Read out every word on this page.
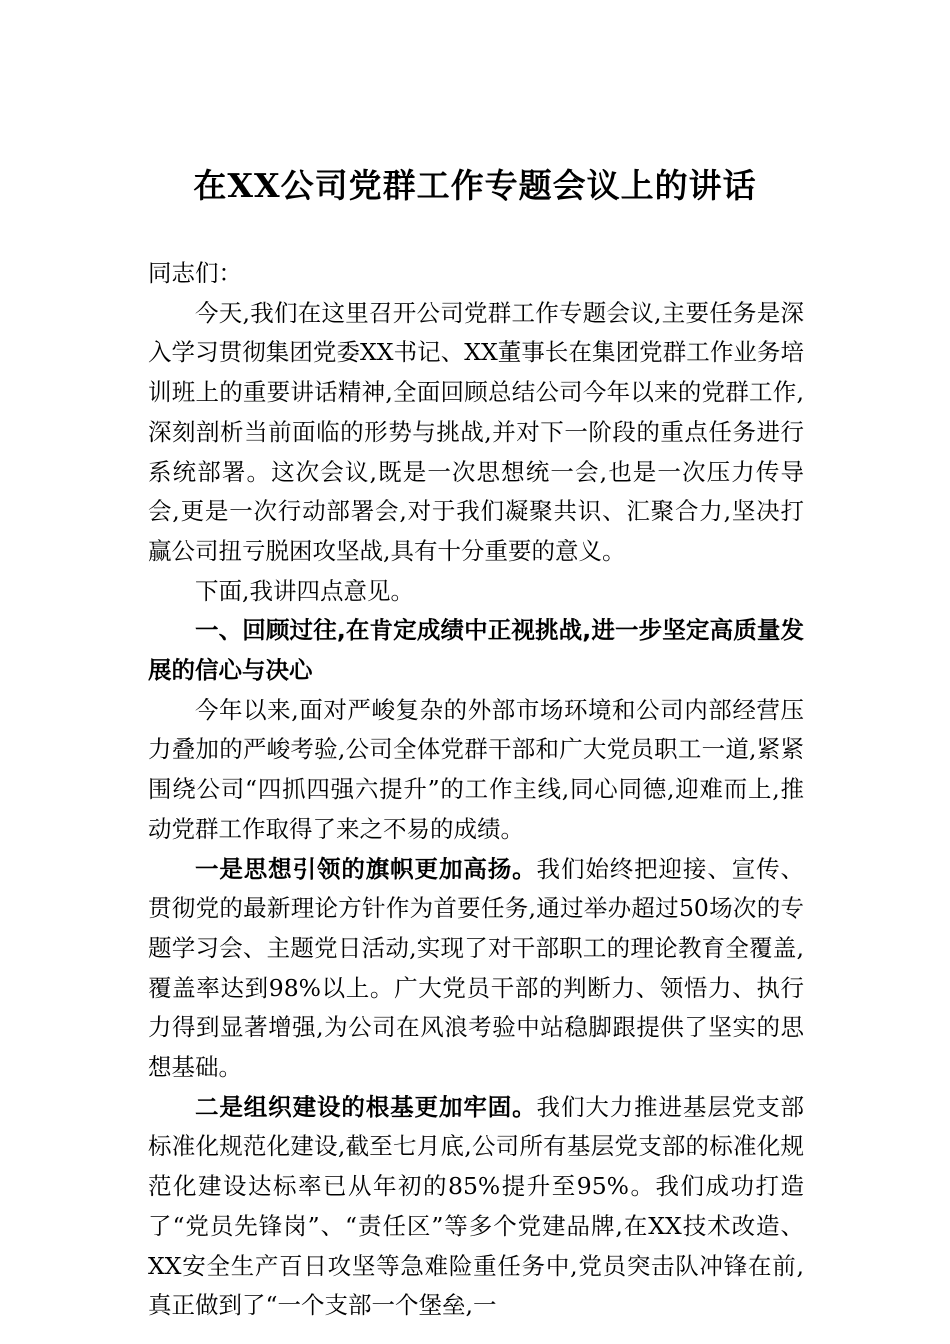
在XX公司党群工作专题会议上的讲话

同志们：

今天,我们在这里召开公司党群工作专题会议,主要任务是深入学习贯彻集团党委XX书记、XX董事长在集团党群工作业务培训班上的重要讲话精神,全面回顾总结公司今年以来的党群工作,深刻剖析当前面临的形势与挑战,并对下一阶段的重点任务进行系统部署。这次会议,既是一次思想统一会,也是一次压力传导会,更是一次行动部署会,对于我们凝聚共识、汇聚合力,坚决打赢公司扭亏脱困攻坚战,具有十分重要的意义。

下面,我讲四点意见。

一、回顾过往,在肯定成绩中正视挑战,进一步坚定高质量发展的信心与决心

今年以来,面对严峻复杂的外部市场环境和公司内部经营压力叠加的严峻考验,公司全体党群干部和广大党员职工一道,紧紧围绕公司“四抓四强六提升”的工作主线,同心同德,迎难而上,推动党群工作取得了来之不易的成绩。

一是思想引领的旗帜更加高扬。我们始终把迎接、宣传、贯彻党的最新理论方针作为首要任务,通过举办超过50场次的专题学习会、主题党日活动,实现了对干部职工的理论教育全覆盖,覆盖率达到98%以上。广大党员干部的判断力、领悟力、执行力得到显著增强,为公司在风浪考验中站稳脚跟提供了坚实的思想基础。

二是组织建设的根基更加牢固。我们大力推进基层党支部标准化规范化建设,截至七月底,公司所有基层党支部的标准化规范化建设达标率已从年初的85%提升至95%。我们成功打造了“党员先锋岗”、“责任区”等多个党建品牌,在XX技术改造、XX安全生产百日攻坚等急难险重任务中,党员突击队冲锋在前,真正做到了“一个支部一个堡垒,一
